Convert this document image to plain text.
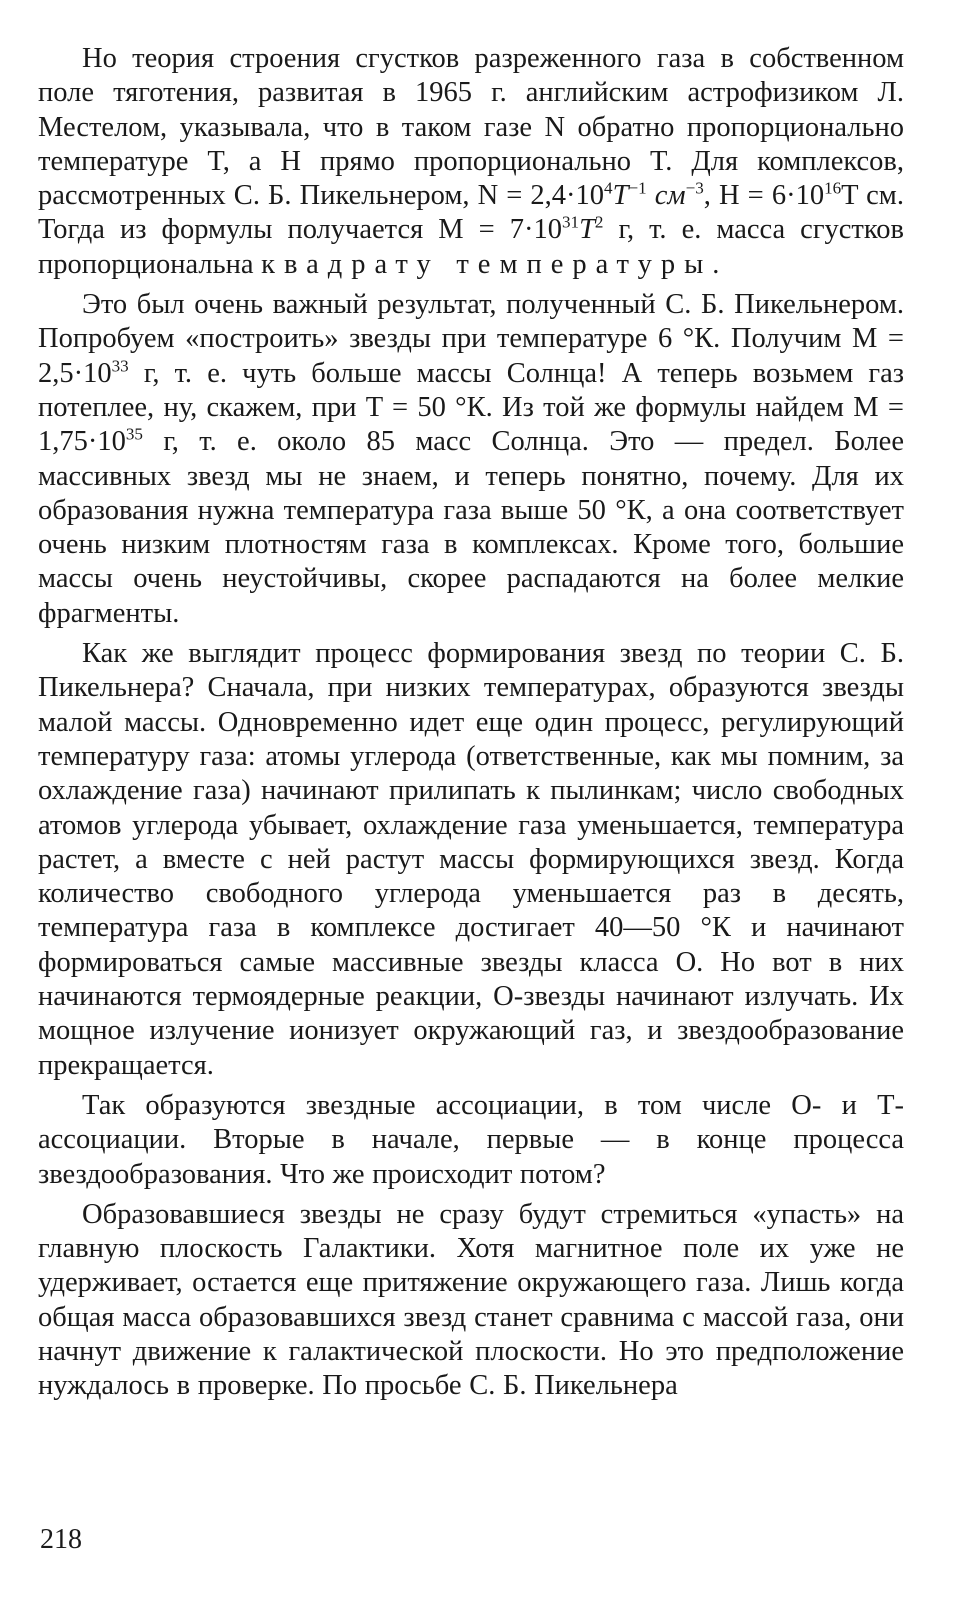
Но теория строения сгустков разреженного газа в собственном поле тяготения, развитая в 1965 г. английским астрофизиком Л. Местелом, указывала, что в таком газе N обратно пропорционально температуре T, а H прямо пропорционально T. Для комплексов, рассмотренных С. Б. Пикельнером, $N = 2,4\cdot 10^4T^{-1}$ $см^{-3}$, $H = 6\cdot 10^{16}T$ см. Тогда из формулы получается $M = 7\cdot 10^{31}T^2$ г, т. е. масса сгустков пропорциональна квадрату температуры.

Это был очень важный результат, полученный С. Б. Пикельнером. Попробуем «построить» звезды при температуре 6 °К. Получим $M = 2,5\cdot 10^{33}$ г, т. е. чуть больше массы Солнца! А теперь возьмем газ потеплее, ну, скажем, при T = 50 °К. Из той же формулы найдем $M = 1,75\cdot 10^{35}$ г, т. е. около 85 масс Солнца. Это — предел. Более массивных звезд мы не знаем, и теперь понятно, почему. Для их образования нужна температура газа выше 50 °К, а она соответствует очень низким плотностям газа в комплексах. Кроме того, большие массы очень неустойчивы, скорее распадаются на более мелкие фрагменты.

Как же выглядит процесс формирования звезд по теории С. Б. Пикельнера? Сначала, при низких температурах, образуются звезды малой массы. Одновременно идет еще один процесс, регулирующий температуру газа: атомы углерода (ответственные, как мы помним, за охлаждение газа) начинают прилипать к пылинкам; число свободных атомов углерода убывает, охлаждение газа уменьшается, температура растет, а вместе с ней растут массы формирующихся звезд. Когда количество свободного углерода уменьшается раз в десять, температура газа в комплексе достигает 40—50 °К и начинают формироваться самые массивные звезды класса О. Но вот в них начинаются термоядерные реакции, О-звезды начинают излучать. Их мощное излучение ионизует окружающий газ, и звездообразование прекращается.

Так образуются звездные ассоциации, в том числе О- и Т-ассоциации. Вторые в начале, первые — в конце процесса звездообразования. Что же происходит потом?

Образовавшиеся звезды не сразу будут стремиться «упасть» на главную плоскость Галактики. Хотя магнитное поле их уже не удерживает, остается еще притяжение окружающего газа. Лишь когда общая масса образовавшихся звезд станет сравнима с массой газа, они начнут движение к галактической плоскости. Но это предположение нуждалось в проверке. По просьбе С. Б. Пикельнера

218
